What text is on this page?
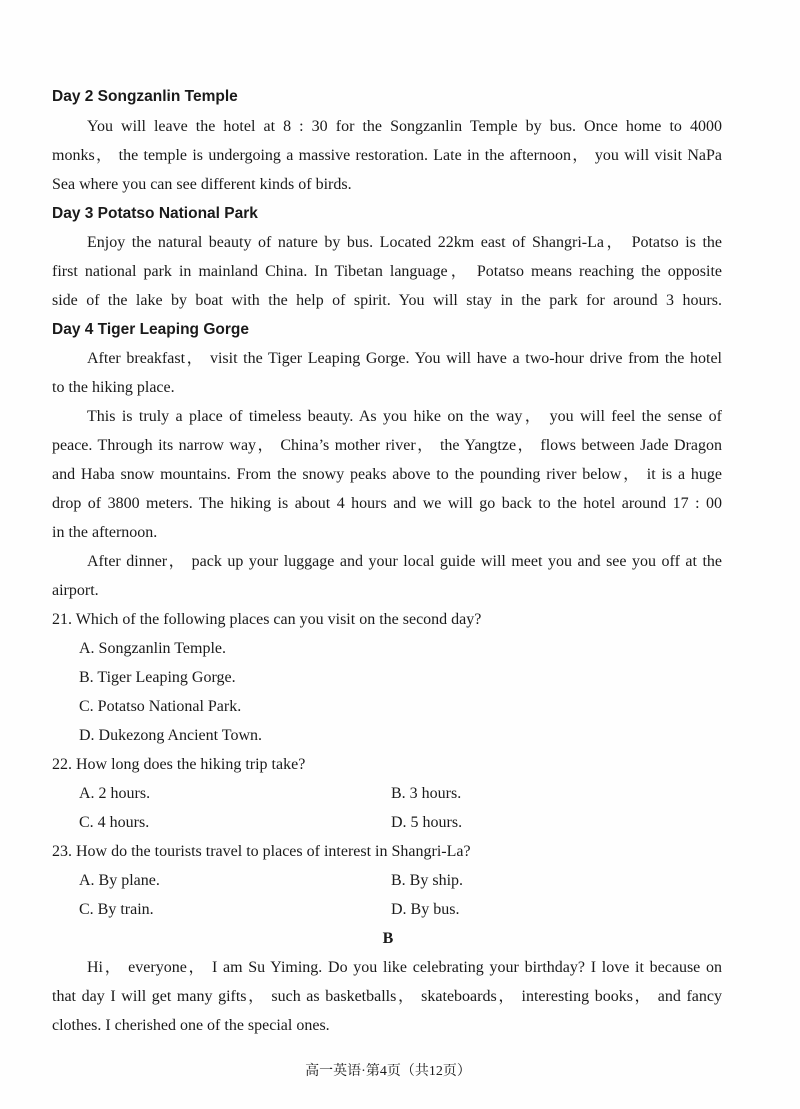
Day 2 Songzanlin Temple
You will leave the hotel at 8 : 30 for the Songzanlin Temple by bus. Once home to 4000
monks， the temple is undergoing a massive restoration. Late in the afternoon， you will visit NaPa
Sea where you can see different kinds of birds.
Day 3 Potatso National Park
Enjoy the natural beauty of nature by bus. Located 22km east of Shangri-La， Potatso is the
first national park in mainland China. In Tibetan language， Potatso means reaching the opposite
side of the lake by boat with the help of spirit. You will stay in the park for around 3 hours.
Day 4 Tiger Leaping Gorge
After breakfast， visit the Tiger Leaping Gorge. You will have a two-hour drive from the hotel
to the hiking place.
This is truly a place of timeless beauty. As you hike on the way， you will feel the sense of
peace. Through its narrow way， China’s mother river， the Yangtze， flows between Jade Dragon
and Haba snow mountains. From the snowy peaks above to the pounding river below， it is a huge
drop of 3800 meters. The hiking is about 4 hours and we will go back to the hotel around 17 : 00
in the afternoon.
After dinner， pack up your luggage and your local guide will meet you and see you off at the
airport.
21. Which of the following places can you visit on the second day?
A. Songzanlin Temple.
B. Tiger Leaping Gorge.
C. Potatso National Park.
D. Dukezong Ancient Town.
22. How long does the hiking trip take?
A. 2 hours.	B. 3 hours.
C. 4 hours.	D. 5 hours.
23. How do the tourists travel to places of interest in Shangri-La?
A. By plane.	B. By ship.
C. By train.	D. By bus.
B
Hi， everyone， I am Su Yiming. Do you like celebrating your birthday? I love it because on
that day I will get many gifts， such as basketballs， skateboards， interesting books， and fancy
clothes. I cherished one of the special ones.
高一英语·第4页（共12页）
